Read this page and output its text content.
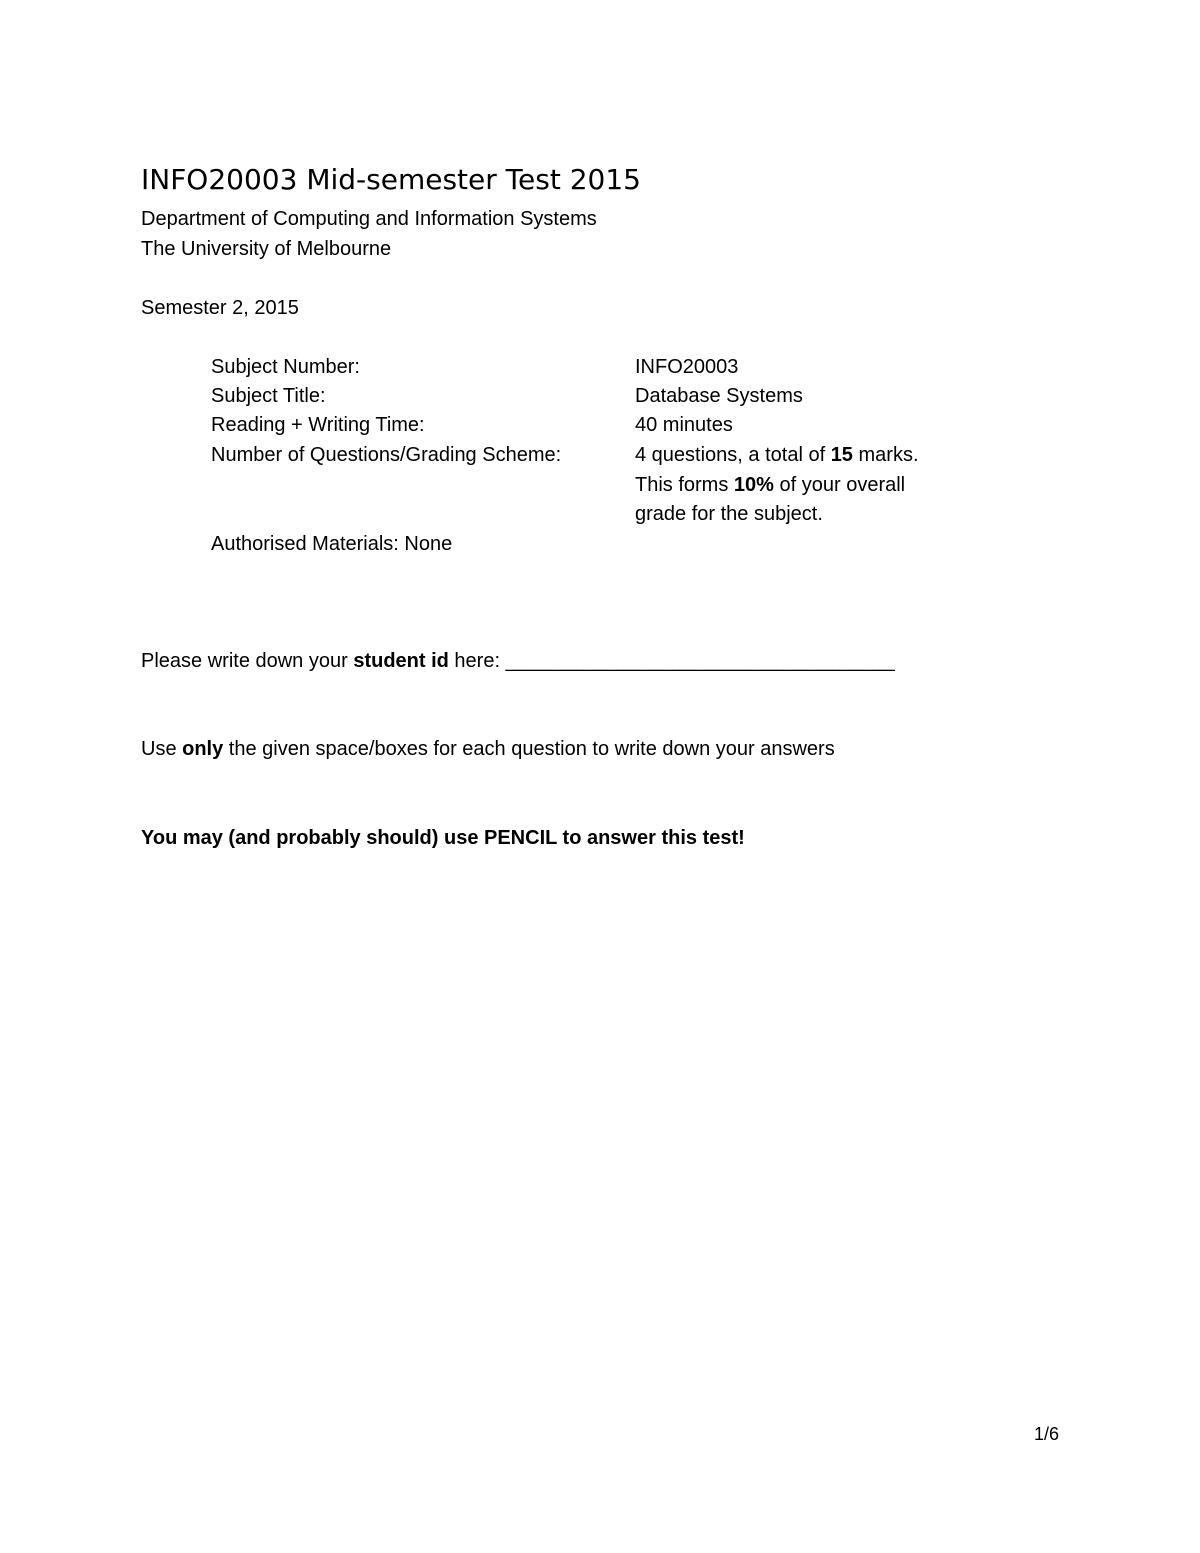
INFO20003 Mid-semester Test 2015
Department of Computing and Information Systems
The University of Melbourne
Semester 2, 2015
Subject Number:	INFO20003
Subject Title:	Database Systems
Reading + Writing Time:	40 minutes
Number of Questions/Grading Scheme:	4 questions, a total of 15 marks.
This forms 10% of your overall
grade for the subject.
Authorised Materials: None
Please write down your student id here: ___________________________________
Use only the given space/boxes for each question to write down your answers
You may (and probably should) use PENCIL to answer this test!
1/6
